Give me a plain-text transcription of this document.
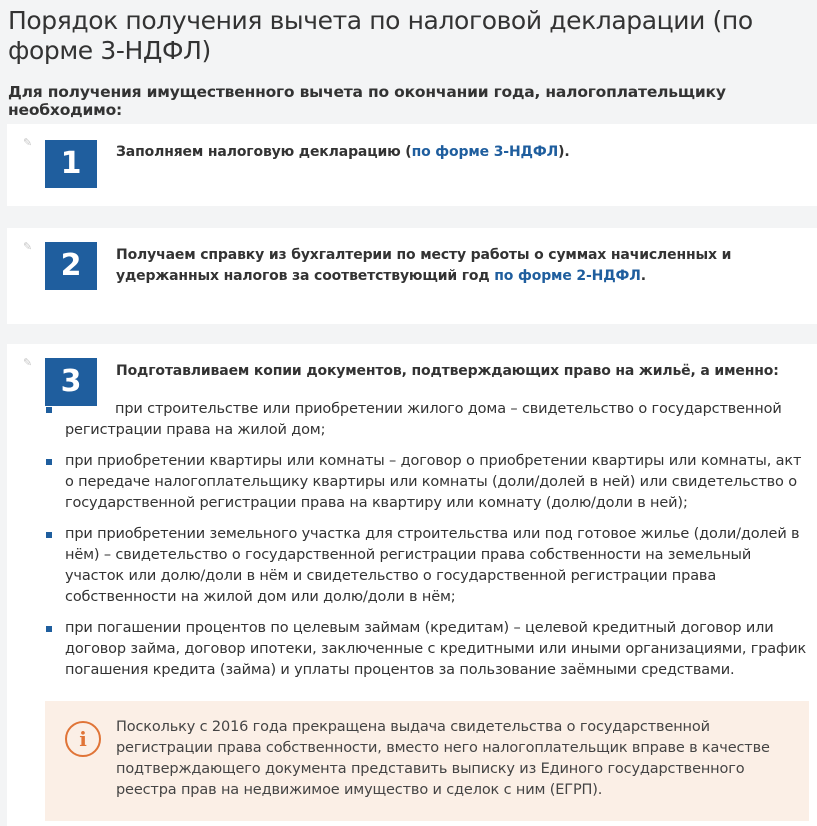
Порядок получения вычета по налоговой декларации (по форме 3-НДФЛ)
Для получения имущественного вычета по окончании года, налогоплательщику необходимо:
✎
1	Заполняем налоговую декларацию (по форме 3-НДФЛ).
✎
2	Получаем справку из бухгалтерии по месту работы о суммах начисленных и удержанных налогов за соответствующий год по форме 2-НДФЛ.
✎
3	Подготавливаем копии документов, подтверждающих право на жильё, а именно:
при строительстве или приобретении жилого дома – свидетельство о государственной регистрации права на жилой дом;
при приобретении квартиры или комнаты – договор о приобретении квартиры или комнаты, акт о передаче налогоплательщику квартиры или комнаты (доли/долей в ней) или свидетельство о государственной регистрации права на квартиру или комнату (долю/доли в ней);
при приобретении земельного участка для строительства или под готовое жилье (доли/долей в нём) – свидетельство о государственной регистрации права собственности на земельный участок или долю/доли в нём и свидетельство о государственной регистрации права собственности на жилой дом или долю/доли в нём;
при погашении процентов по целевым займам (кредитам) – целевой кредитный договор или договор займа, договор ипотеки, заключенные с кредитными или иными организациями, график погашения кредита (займа) и уплаты процентов за пользование заёмными средствами.
i	Поскольку с 2016 года прекращена выдача свидетельства о государственной регистрации права собственности, вместо него налогоплательщик вправе в качестве подтверждающего документа представить выписку из Единого государственного реестра прав на недвижимое имущество и сделок с ним (ЕГРП).
